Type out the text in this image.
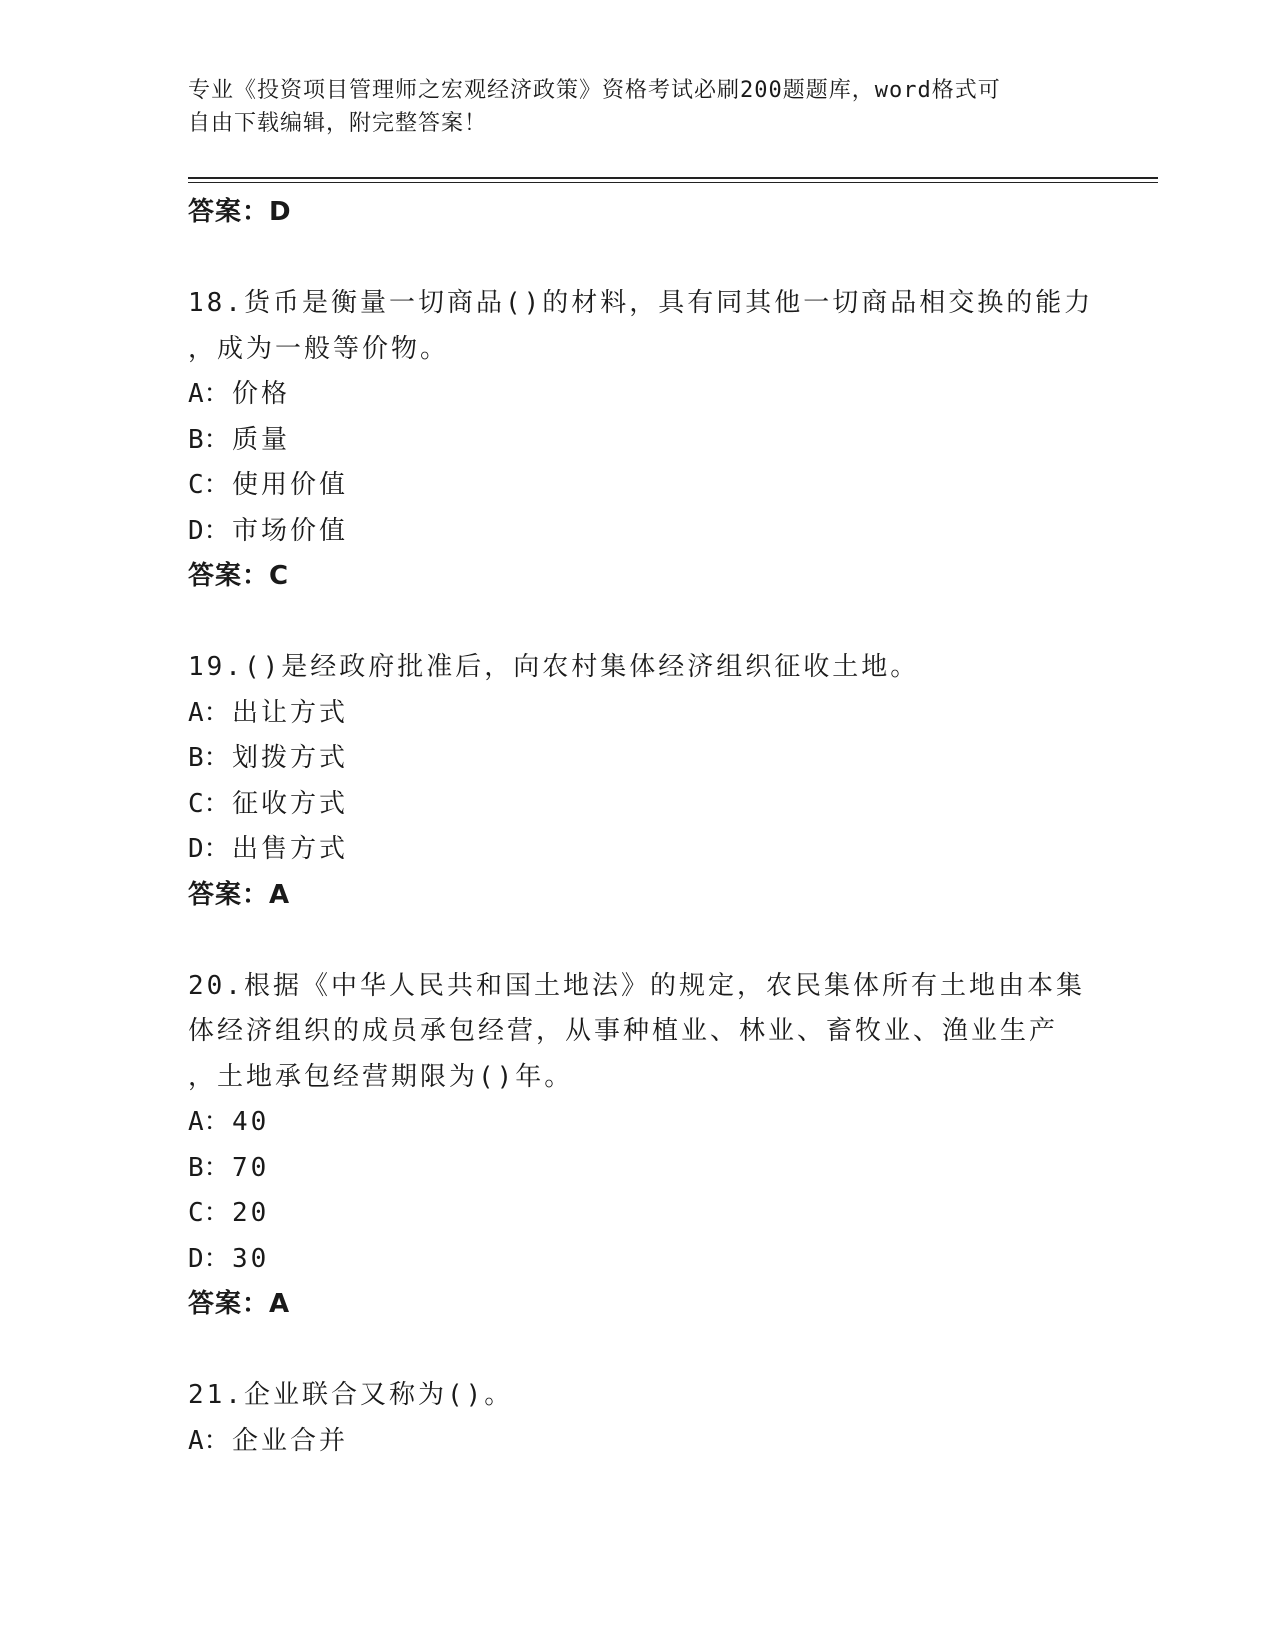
专业《投资项目管理师之宏观经济政策》资格考试必刷200题题库，word格式可
自由下载编辑，附完整答案！
答案：D
18.货币是衡量一切商品()的材料，具有同其他一切商品相交换的能力
，成为一般等价物。
A：价格
B：质量
C：使用价值
D：市场价值
答案：C
19.()是经政府批准后，向农村集体经济组织征收土地。
A：出让方式
B：划拨方式
C：征收方式
D：出售方式
答案：A
20.根据《中华人民共和国土地法》的规定，农民集体所有土地由本集
体经济组织的成员承包经营，从事种植业、林业、畜牧业、渔业生产
，土地承包经营期限为()年。
A：40
B：70
C：20
D：30
答案：A
21.企业联合又称为()。
A：企业合并
